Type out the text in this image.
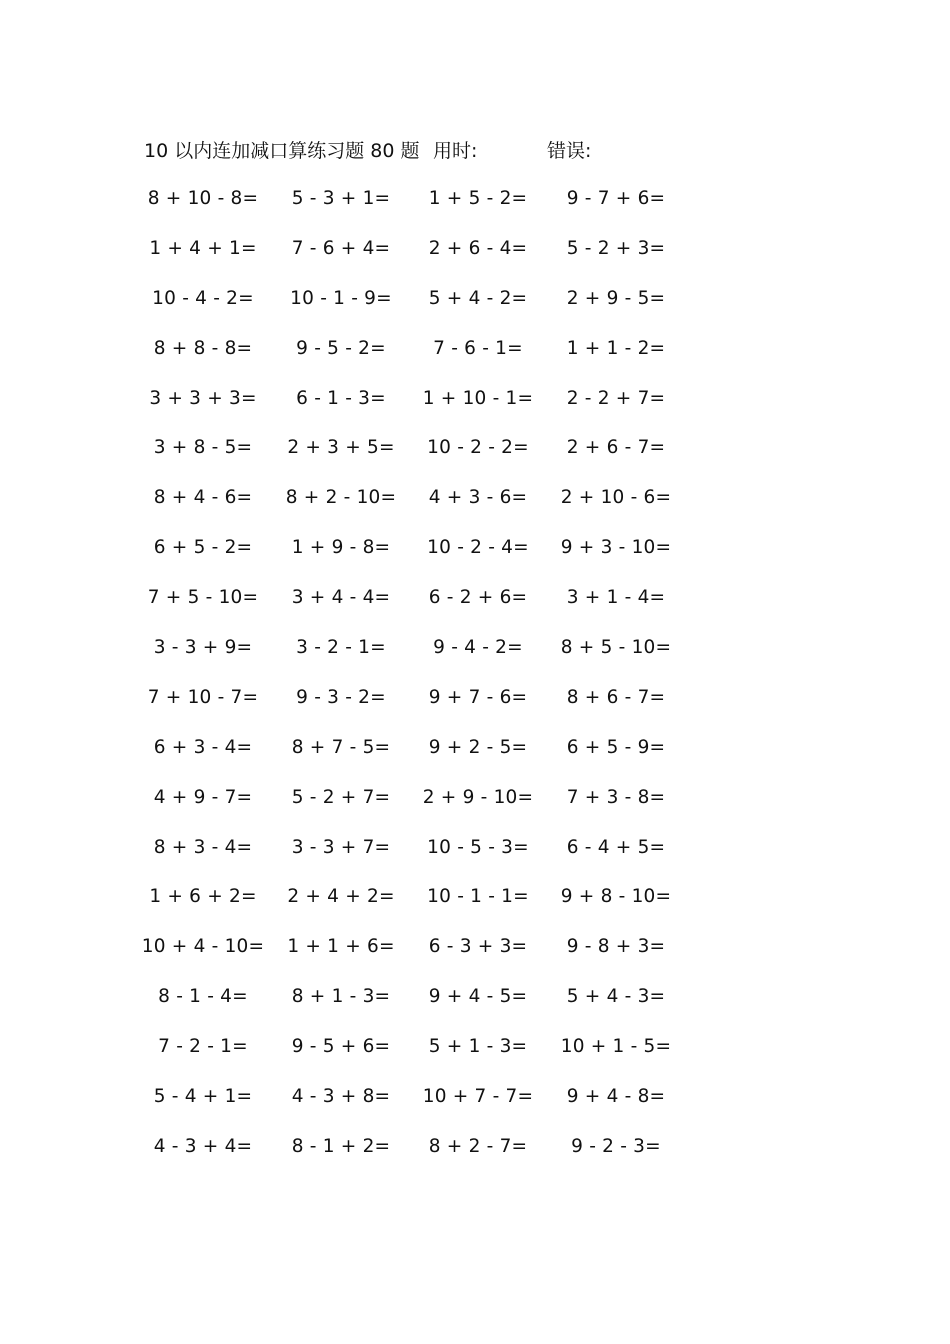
10 以内连加减口算练习题 80 题 用时:	错误:
8 + 10 - 8=	5 - 3 + 1=	1 + 5 - 2=	9 - 7 + 6=
1 + 4 + 1=	7 - 6 + 4=	2 + 6 - 4=	5 - 2 + 3=
10 - 4 - 2=	10 - 1 - 9=	5 + 4 - 2=	2 + 9 - 5=
8 + 8 - 8=	9 - 5 - 2=	7 - 6 - 1=	1 + 1 - 2=
3 + 3 + 3=	6 - 1 - 3=	1 + 10 - 1=	2 - 2 + 7=
3 + 8 - 5=	2 + 3 + 5=	10 - 2 - 2=	2 + 6 - 7=
8 + 4 - 6=	8 + 2 - 10=	4 + 3 - 6=	2 + 10 - 6=
6 + 5 - 2=	1 + 9 - 8=	10 - 2 - 4=	9 + 3 - 10=
7 + 5 - 10=	3 + 4 - 4=	6 - 2 + 6=	3 + 1 - 4=
3 - 3 + 9=	3 - 2 - 1=	9 - 4 - 2=	8 + 5 - 10=
7 + 10 - 7=	9 - 3 - 2=	9 + 7 - 6=	8 + 6 - 7=
6 + 3 - 4=	8 + 7 - 5=	9 + 2 - 5=	6 + 5 - 9=
4 + 9 - 7=	5 - 2 + 7=	2 + 9 - 10=	7 + 3 - 8=
8 + 3 - 4=	3 - 3 + 7=	10 - 5 - 3=	6 - 4 + 5=
1 + 6 + 2=	2 + 4 + 2=	10 - 1 - 1=	9 + 8 - 10=
10 + 4 - 10=	1 + 1 + 6=	6 - 3 + 3=	9 - 8 + 3=
8 - 1 - 4=	8 + 1 - 3=	9 + 4 - 5=	5 + 4 - 3=
7 - 2 - 1=	9 - 5 + 6=	5 + 1 - 3=	10 + 1 - 5=
5 - 4 + 1=	4 - 3 + 8=	10 + 7 - 7=	9 + 4 - 8=
4 - 3 + 4=	8 - 1 + 2=	8 + 2 - 7=	9 - 2 - 3=
